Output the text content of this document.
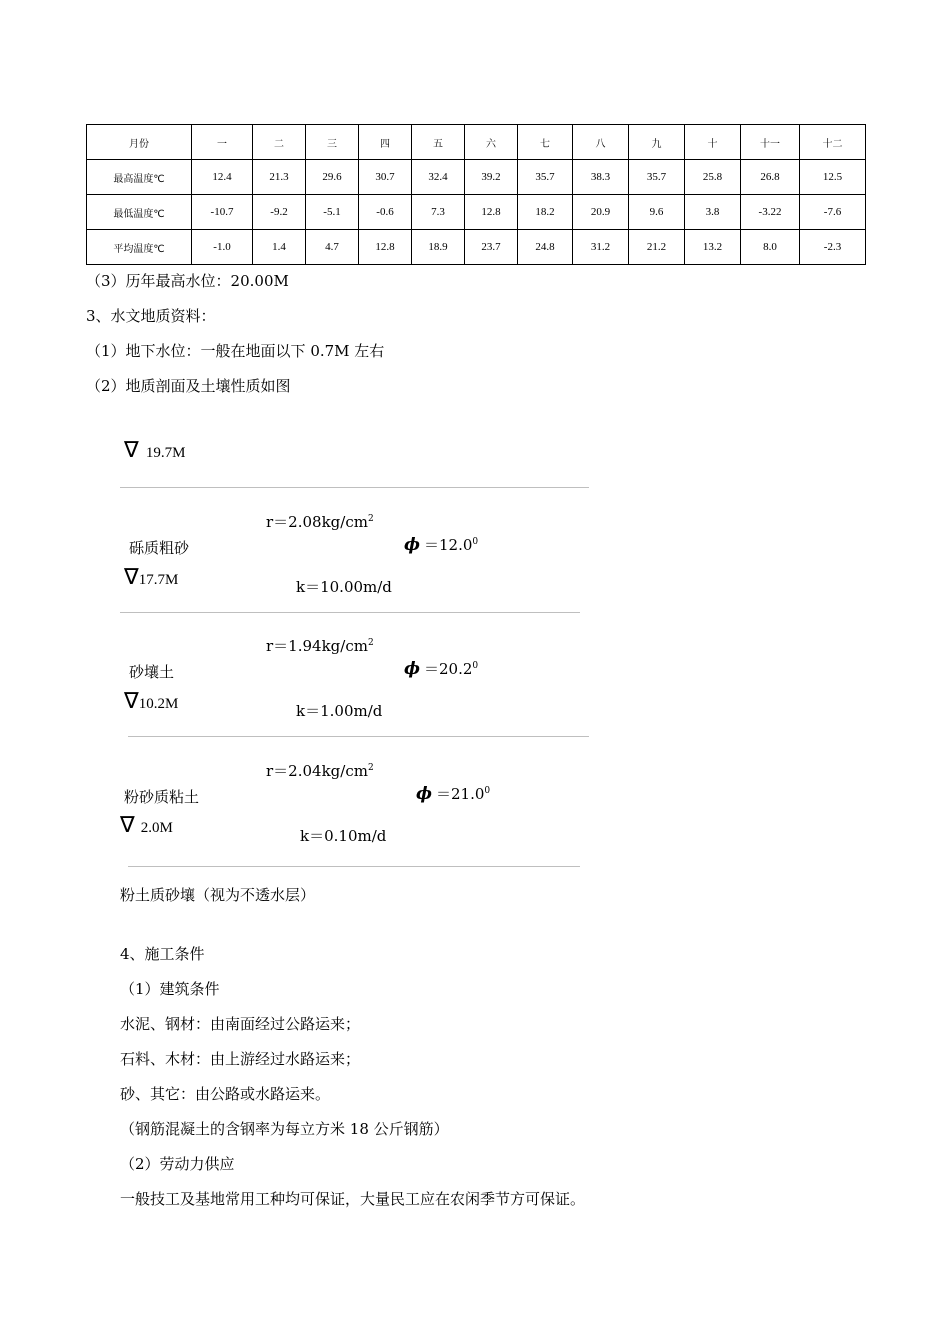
月份	一	二	三	四	五	六	七	八	九	十	十一	十二
最高温度℃	12.4	21.3	29.6	30.7	32.4	39.2	35.7	38.3	35.7	25.8	26.8	12.5
最低温度℃	-10.7	-9.2	-5.1	-0.6	7.3	12.8	18.2	20.9	9.6	3.8	-3.22	-7.6
平均温度℃	-1.0	1.4	4.7	12.8	18.9	23.7	24.8	31.2	21.2	13.2	8.0	-2.3
（3）历年最高水位：20.00M
3、水文地质资料：
（1）地下水位：一般在地面以下 0.7M 左右
（2）地质剖面及土壤性质如图
∇ 19.7M
$r=2.08kg/cm^2$
砾质粗砂	$\phi =12.0^0$
∇17.7M	k＝10.00m/d
$r=1.94kg/cm^2$
砂壤土	$\phi =20.2^0$
∇10.2M	k＝1.00m/d
$r=2.04kg/cm^2$
粉砂质粘土	$\phi =21.0^0$
∇ 2.0M	k＝0.10m/d
粉土质砂壤（视为不透水层）
4、施工条件
（1）建筑条件
水泥、钢材：由南面经过公路运来；
石料、木材：由上游经过水路运来；
砂、其它：由公路或水路运来。
（钢筋混凝土的含钢率为每立方米 18 公斤钢筋）
（2）劳动力供应
一般技工及基地常用工种均可保证，大量民工应在农闲季节方可保证。
